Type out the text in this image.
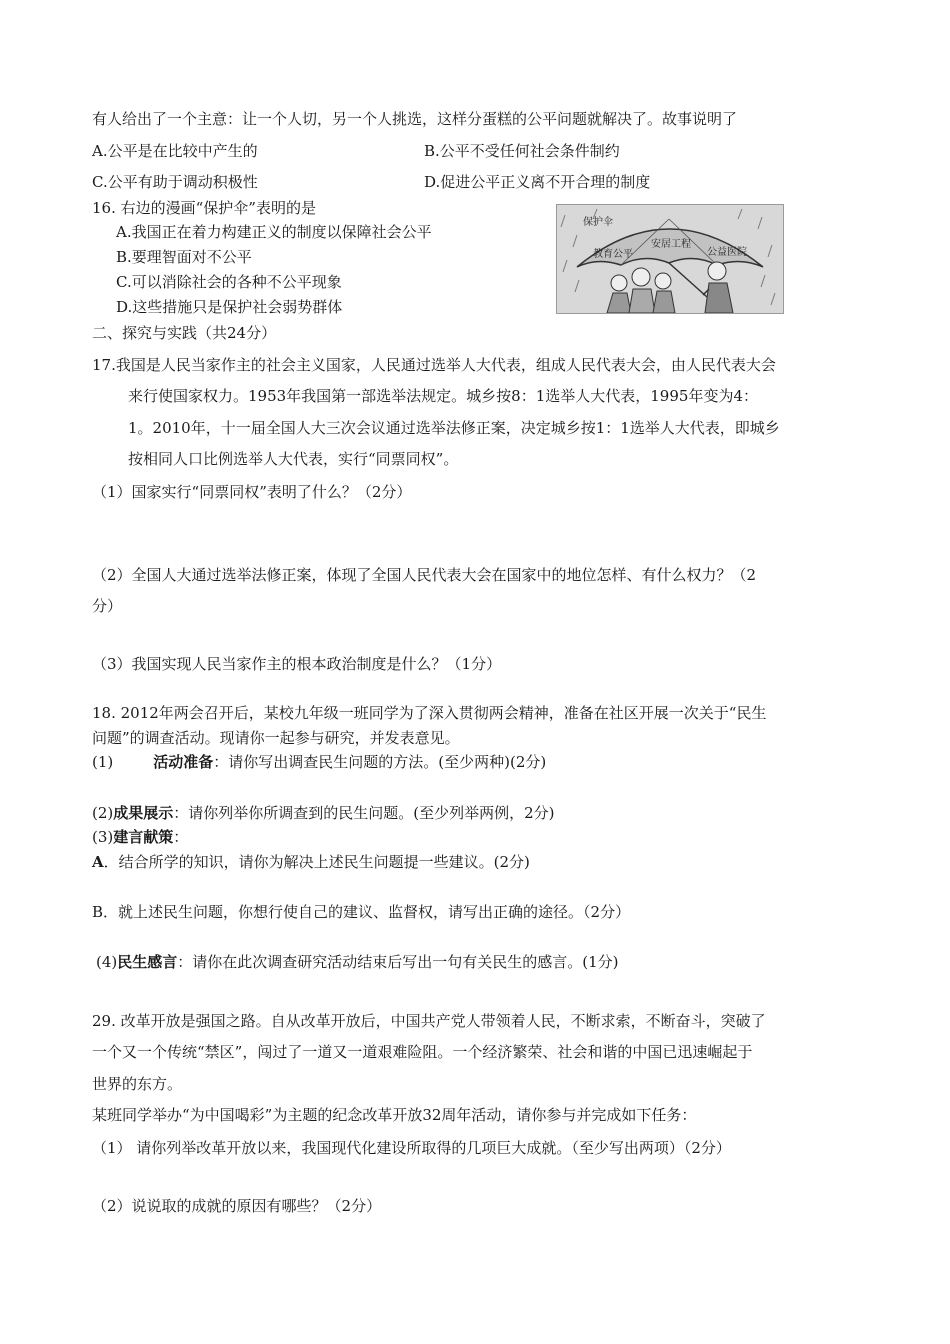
有人给出了一个主意：让一个人切，另一个人挑选，这样分蛋糕的公平问题就解决了。故事说明了
A.公平是在比较中产生的	B.公平不受任何社会条件制约
C.公平有助于调动积极性	D.促进公平正义离不开合理的制度
16. 右边的漫画“保护伞”表明的是
A.我国正在着力构建正义的制度以保障社会公平
B.要理智面对不公平
C.可以消除社会的各种不公平现象
D.这些措施只是保护社会弱势群体
保护伞
教育公平
安居工程
公益医院
二、探究与实践（共24分）
17.我国是人民当家作主的社会主义国家，人民通过选举人大代表，组成人民代表大会，由人民代表大会
来行使国家权力。1953年我国第一部选举法规定。城乡按8：1选举人大代表，1995年变为4：
1。2010年，十一届全国人大三次会议通过选举法修正案，决定城乡按1：1选举人大代表，即城乡
按相同人口比例选举人大代表，实行“同票同权”。
（1）国家实行“同票同权”表明了什么？（2分）
（2）全国人大通过选举法修正案，体现了全国人民代表大会在国家中的地位怎样、有什么权力？（2
分）
（3）我国实现人民当家作主的根本政治制度是什么？（1分）
18. 2012年两会召开后，某校九年级一班同学为了深入贯彻两会精神，准备在社区开展一次关于“民生
问题”的调查活动。现请你一起参与研究，并发表意见。
(1)	活动准备：请你写出调查民生问题的方法。(至少两种)(2分)
(2)成果展示：请你列举你所调查到的民生问题。(至少列举两例，2分)
(3)建言献策：
A．结合所学的知识，请你为解决上述民生问题提一些建议。(2分)
B．就上述民生问题，你想行使自己的建议、监督权，请写出正确的途径。（2分）
(4)民生感言：请你在此次调查研究活动结束后写出一句有关民生的感言。(1分)
29. 改革开放是强国之路。自从改革开放后，中国共产党人带领着人民，不断求索，不断奋斗，突破了
一个又一个传统“禁区”，闯过了一道又一道艰难险阻。一个经济繁荣、社会和谐的中国已迅速崛起于
世界的东方。
某班同学举办“为中国喝彩”为主题的纪念改革开放32周年活动，请你参与并完成如下任务：
（1） 请你列举改革开放以来，我国现代化建设所取得的几项巨大成就。（至少写出两项）（2分）
（2）说说取的成就的原因有哪些？（2分）
